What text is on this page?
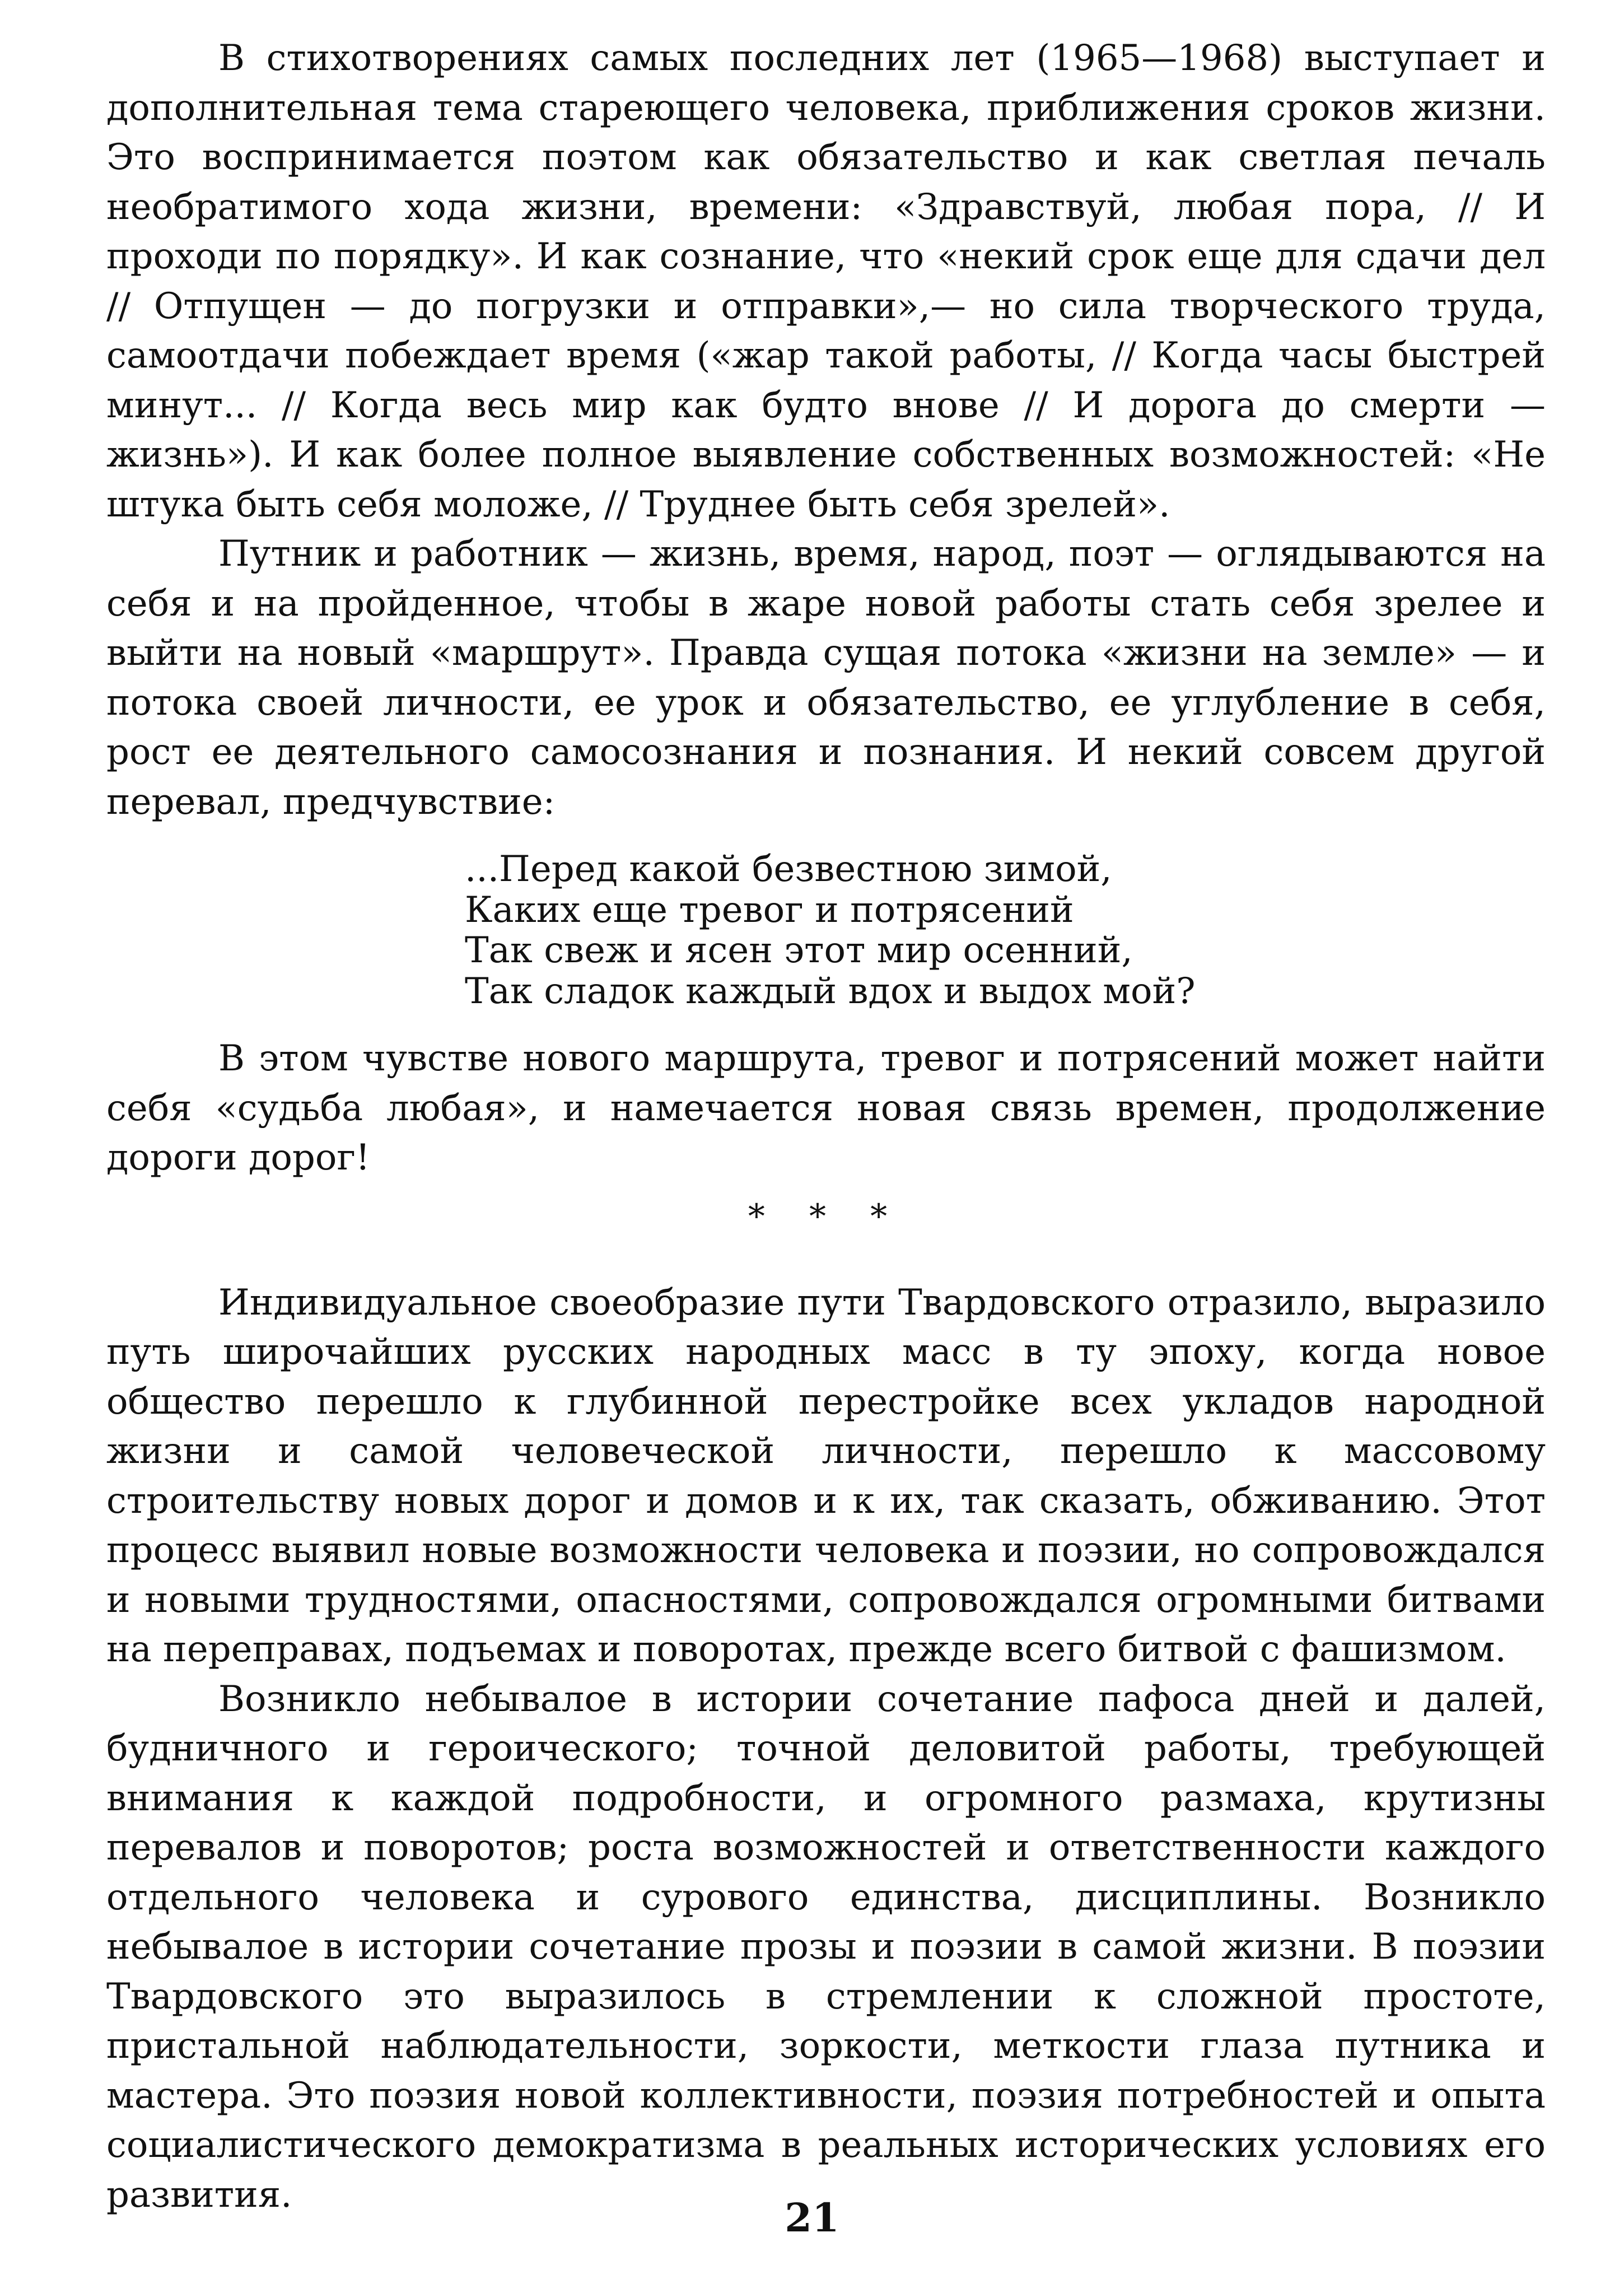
В стихотворениях самых последних лет (1965—1968) выступает и дополнительная тема стареющего человека, приближения сроков жизни. Это воспринимается поэтом как обязательство и как светлая печаль необратимого хода жизни, времени: «Здравствуй, любая пора, // И проходи по порядку». И как сознание, что «некий срок еще для сдачи дел // Отпущен — до погрузки и отправки»,— но сила творческого труда, самоотдачи побеждает время («жар такой работы, // Когда часы быстрей минут... // Когда весь мир как будто внове // И дорога до смерти — жизнь»). И как более полное выявление собственных возможностей: «Не штука быть себя моложе, // Труднее быть себя зрелей».

Путник и работник — жизнь, время, народ, поэт — оглядываются на себя и на пройденное, чтобы в жаре новой работы стать себя зрелее и выйти на новый «маршрут». Правда сущая потока «жизни на земле» — и потока своей личности, ее урок и обязательство, ее углубление в себя, рост ее деятельного самосознания и познания. И некий совсем другой перевал, предчувствие:

...Перед какой безвестною зимой,
Каких еще тревог и потрясений
Так свеж и ясен этот мир осенний,
Так сладок каждый вдох и выдох мой?

В этом чувстве нового маршрута, тревог и потрясений может найти себя «судьба любая», и намечается новая связь времен, продолжение дороги дорог!

* * *

Индивидуальное своеобразие пути Твардовского отразило, выразило путь широчайших русских народных масс в ту эпоху, когда новое общество перешло к глубинной перестройке всех укладов народной жизни и самой человеческой личности, перешло к массовому строительству новых дорог и домов и к их, так сказать, обживанию. Этот процесс выявил новые возможности человека и поэзии, но сопровождался и новыми трудностями, опасностями, сопровождался огромными битвами на переправах, подъемах и поворотах, прежде всего битвой с фашизмом.

Возникло небывалое в истории сочетание пафоса дней и далей, будничного и героического; точной деловитой работы, требующей внимания к каждой подробности, и огромного размаха, крутизны перевалов и поворотов; роста возможностей и ответственности каждого отдельного человека и сурового единства, дисциплины. Возникло небывалое в истории сочетание прозы и поэзии в самой жизни. В поэзии Твардовского это выразилось в стремлении к сложной простоте, пристальной наблюдательности, зоркости, меткости глаза путника и мастера. Это поэзия новой коллективности, поэзия потребностей и опыта социалистического демократизма в реальных исторических условиях его развития.	21
